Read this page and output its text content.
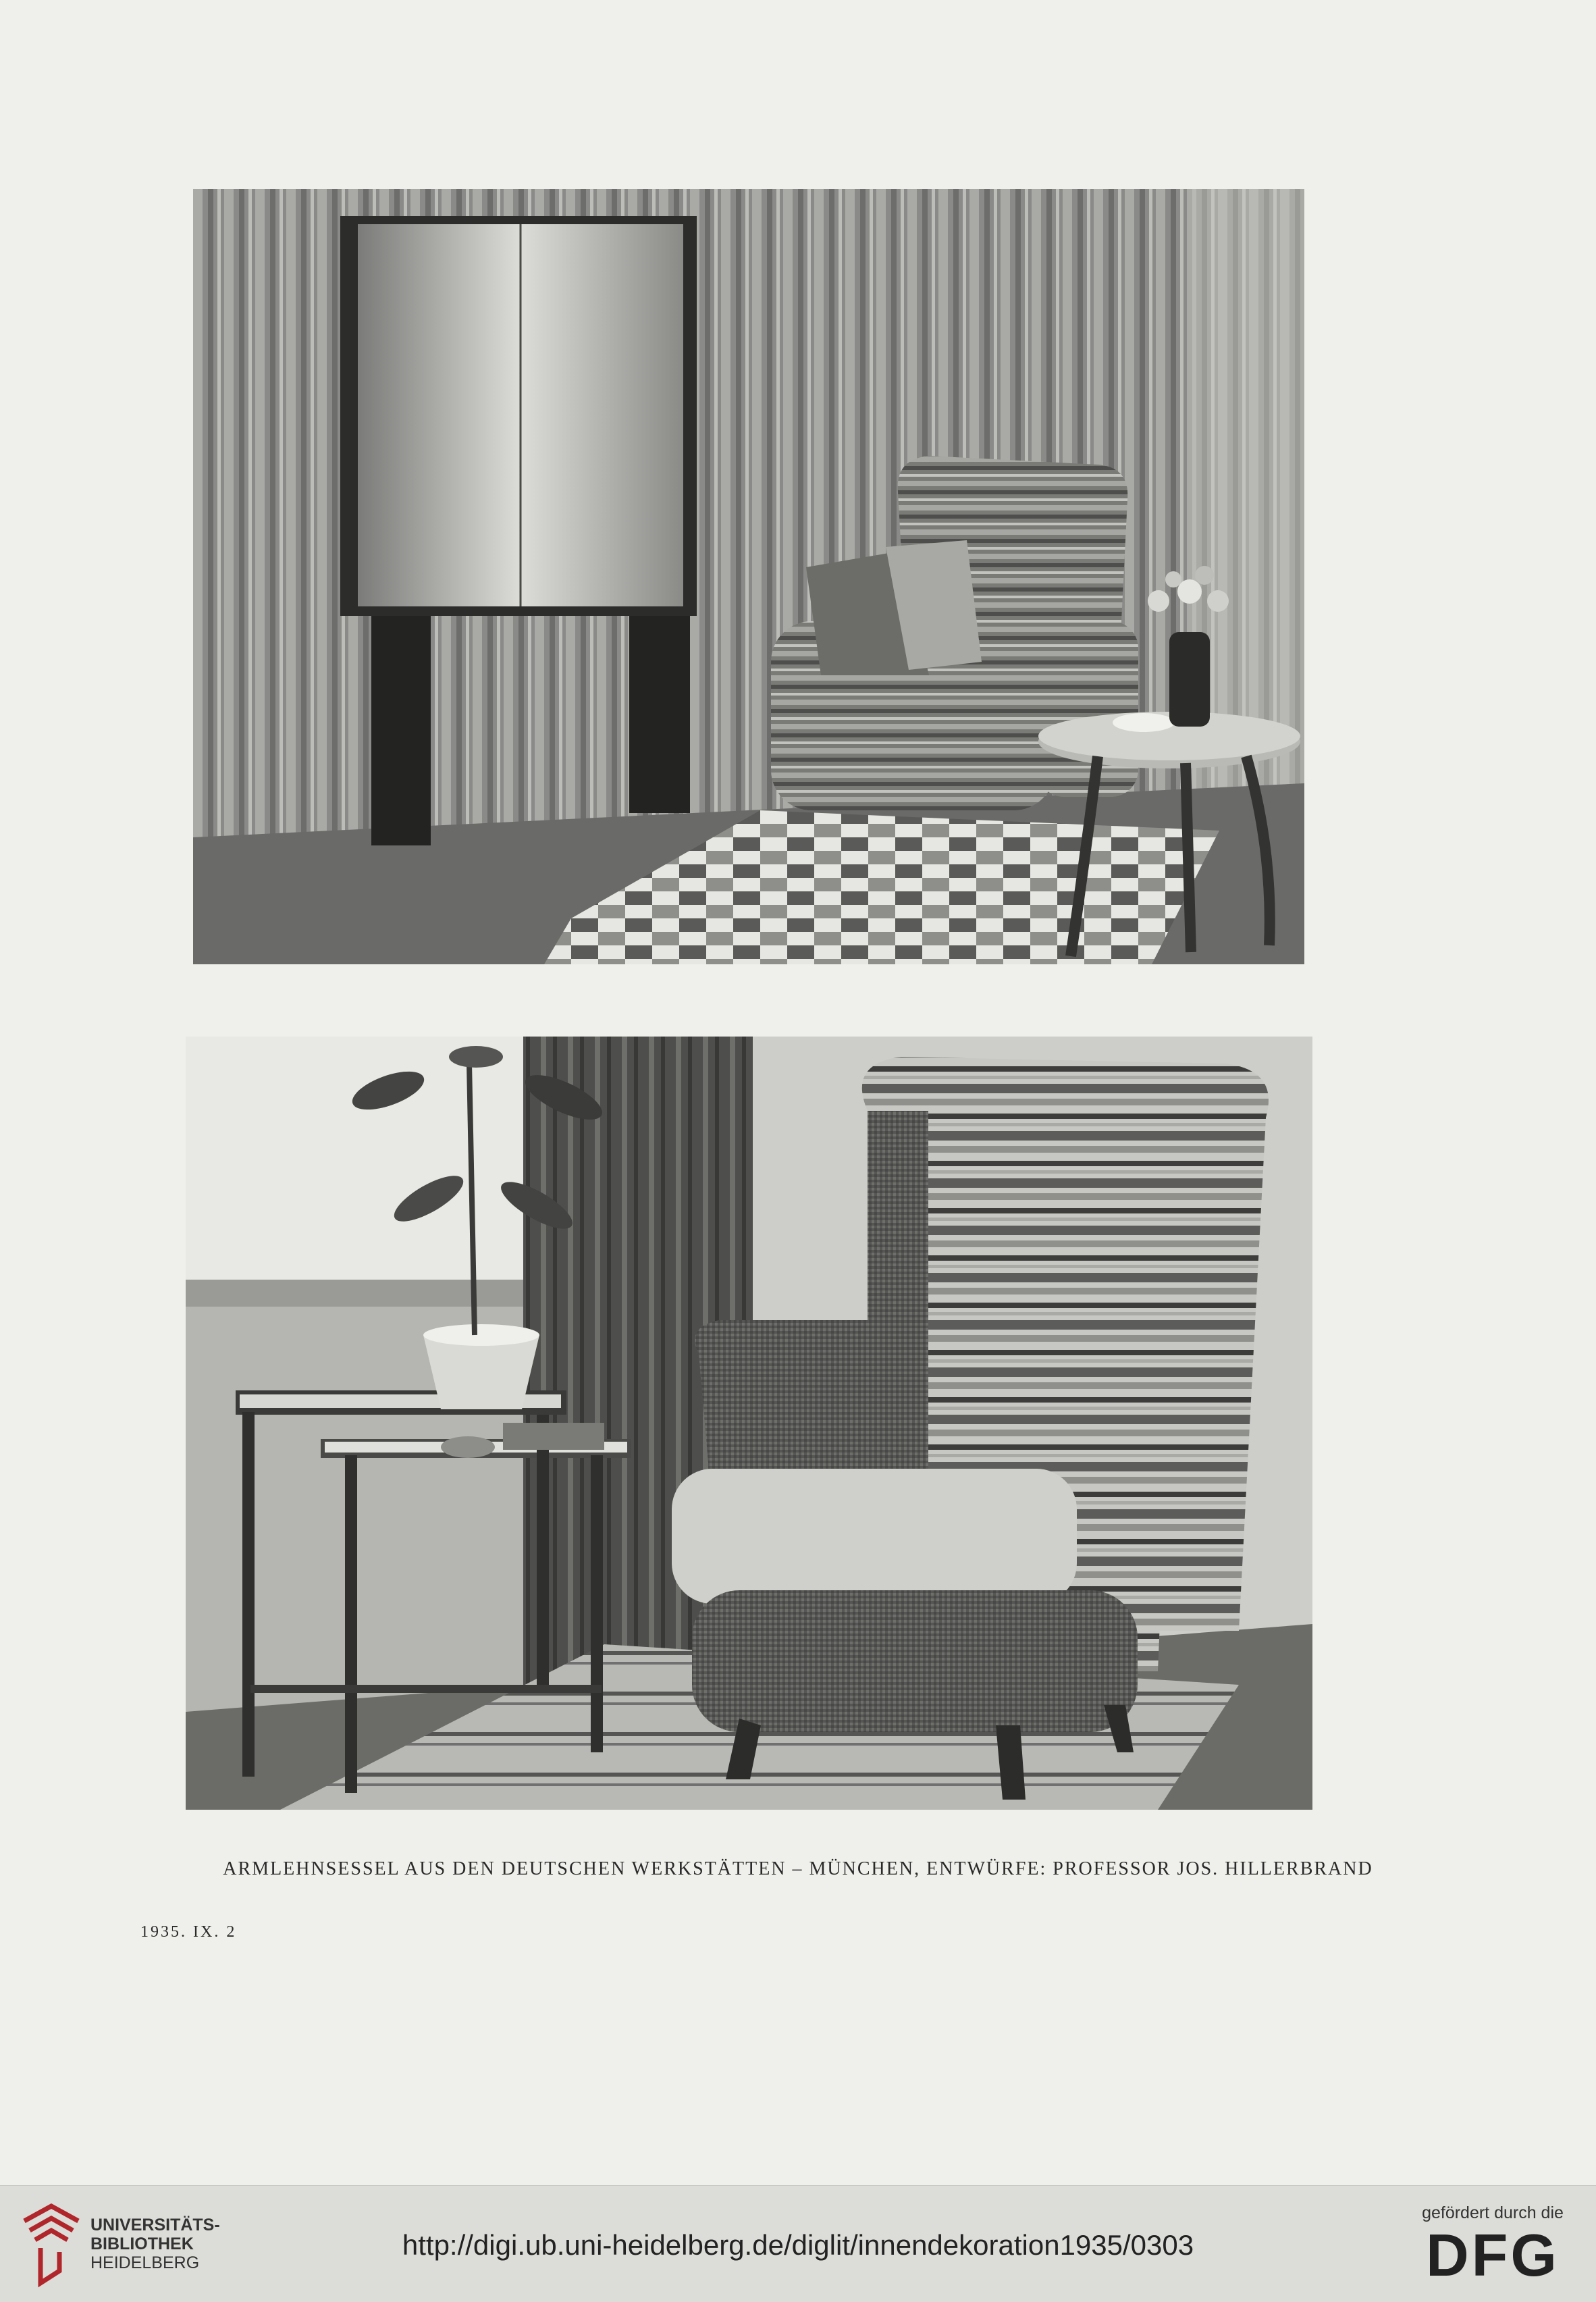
ARMLEHNSESSEL AUS DEN DEUTSCHEN WERKSTÄTTEN – MÜNCHEN, ENTWÜRFE: PROFESSOR JOS. HILLERBRAND
1935. IX. 2
UNIVERSITÄTS-
BIBLIOTHEK
HEIDELBERG
http://digi.ub.uni-heidelberg.de/diglit/innendekoration1935/0303
gefördert durch die
DFG
